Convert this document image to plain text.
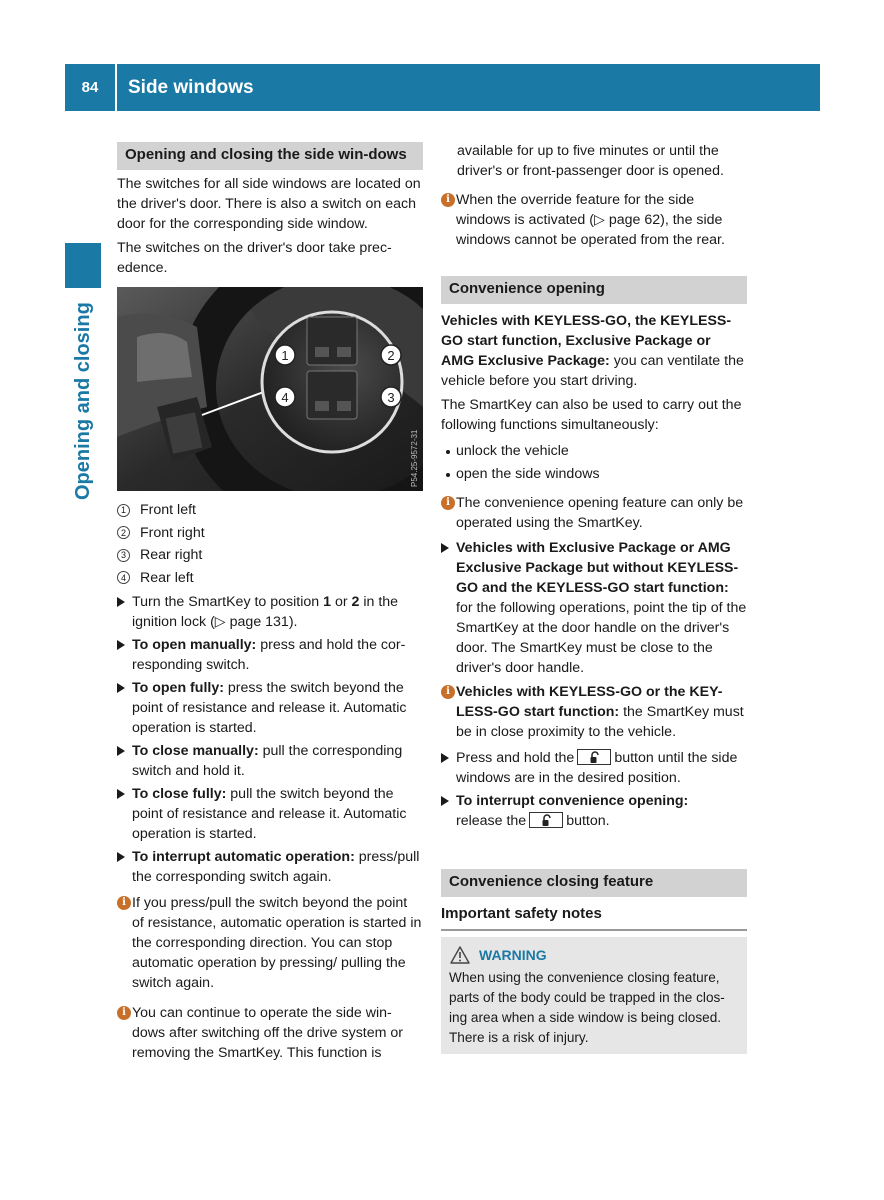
84	Side windows
Opening and closing
Opening and closing the side win-dows

The switches for all side windows are located on the driver's door. There is also a switch on each door for the corresponding side window.

The switches on the driver's door take prec-edence.

1	2
3
4
P54.25-9572-31
1 Front left
2 Front right
3 Rear right
4 Rear left
Turn the SmartKey to position 1 or 2 in the ignition lock (▷ page 131).
To open manually: press and hold the cor-responding switch.
To open fully: press the switch beyond the point of resistance and release it. Automatic operation is started.
To close manually: pull the corresponding switch and hold it.
To close fully: pull the switch beyond the point of resistance and release it. Automatic operation is started.
To interrupt automatic operation: press/pull the corresponding switch again.
i If you press/pull the switch beyond the point of resistance, automatic operation is started in the corresponding direction. You can stop automatic operation by pressing/ pulling the switch again.
i You can continue to operate the side win-dows after switching off the drive system or removing the SmartKey. This function is

available for up to five minutes or until the driver's or front-passenger door is opened.

i When the override feature for the side windows is activated (▷ page 62), the side windows cannot be operated from the rear.
Convenience opening

Vehicles with KEYLESS-GO, the KEYLESS-GO start function, Exclusive Package or AMG Exclusive Package: you can ventilate the vehicle before you start driving.

The SmartKey can also be used to carry out the following functions simultaneously:

unlock the vehicle
open the side windows
i The convenience opening feature can only be operated using the SmartKey.
Vehicles with Exclusive Package or AMG Exclusive Package but without KEYLESS-GO and the KEYLESS-GO start function: for the following operations, point the tip of the SmartKey at the door handle on the driver's door. The SmartKey must be close to the driver's door handle.
i Vehicles with KEYLESS-GO or the KEY-LESS-GO start function: the SmartKey must be in close proximity to the vehicle.
Press and hold the	button until the side windows are in the desired position.
To interrupt convenience opening:
release the	button.
Convenience closing feature
Important safety notes
WARNING

When using the convenience closing feature, parts of the body could be trapped in the clos-ing area when a side window is being closed. There is a risk of injury.
